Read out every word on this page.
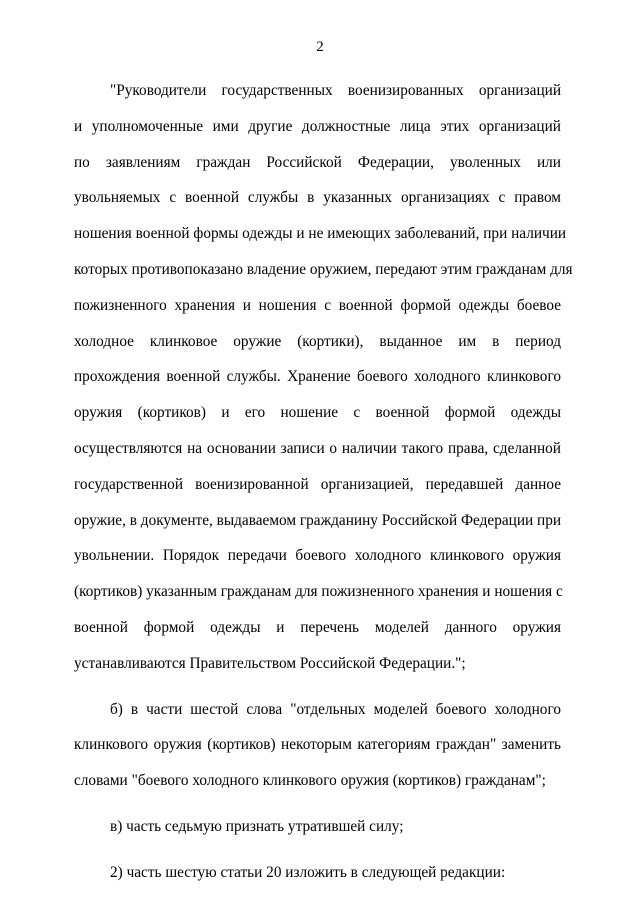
2
"Руководители государственных военизированных организаций
и уполномоченные ими другие должностные лица этих организаций
по заявлениям граждан Российской Федерации, уволенных или
увольняемых с военной службы в указанных организациях с правом
ношения военной формы одежды и не имеющих заболеваний, при наличии
которых противопоказано владение оружием, передают этим гражданам для
пожизненного хранения и ношения с военной формой одежды боевое
холодное клинковое оружие (кортики), выданное им в период
прохождения военной службы. Хранение боевого холодного клинкового
оружия (кортиков) и его ношение с военной формой одежды
осуществляются на основании записи о наличии такого права, сделанной
государственной военизированной организацией, передавшей данное
оружие, в документе, выдаваемом гражданину Российской Федерации при
увольнении. Порядок передачи боевого холодного клинкового оружия
(кортиков) указанным гражданам для пожизненного хранения и ношения с
военной формой одежды и перечень моделей данного оружия
устанавливаются Правительством Российской Федерации.";
б) в части шестой слова "отдельных моделей боевого холодного
клинкового оружия (кортиков) некоторым категориям граждан" заменить
словами "боевого холодного клинкового оружия (кортиков) гражданам";
в) часть седьмую признать утратившей силу;
2) часть шестую статьи 20 изложить в следующей редакции:
